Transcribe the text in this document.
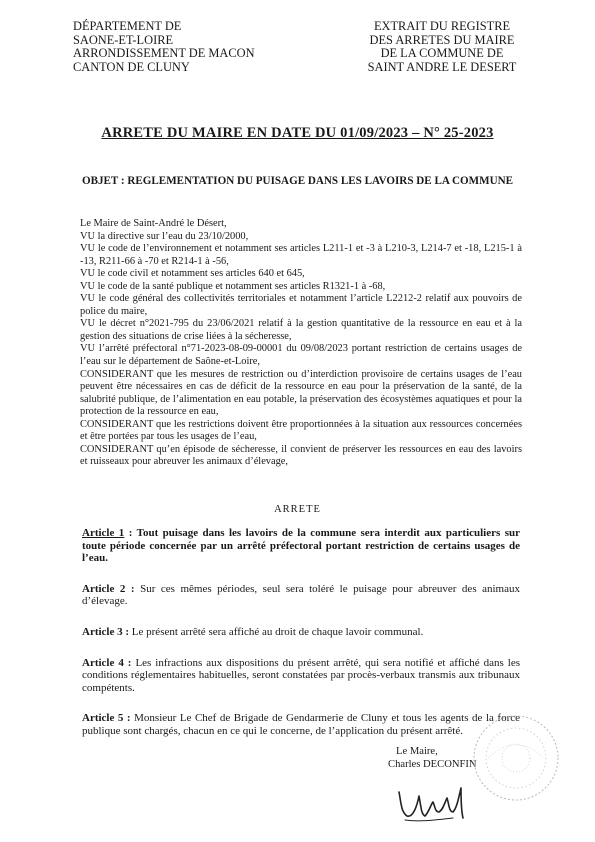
DÉPARTEMENT DE
SAONE-ET-LOIRE
ARRONDISSEMENT DE MACON
CANTON DE CLUNY
EXTRAIT DU REGISTRE
DES ARRETES DU MAIRE
DE LA COMMUNE DE
SAINT ANDRE LE DESERT
ARRETE DU MAIRE EN DATE DU 01/09/2023 – N° 25-2023
OBJET : REGLEMENTATION DU PUISAGE DANS LES LAVOIRS DE LA COMMUNE

Le Maire de Saint-André le Désert,

VU la directive sur l’eau du 23/10/2000,

VU le code de l’environnement et notamment ses articles L211-1 et -3 à L210-3, L214-7 et -18, L215-1 à -13, R211-66 à -70 et R214-1 à -56,

VU le code civil et notamment ses articles 640 et 645,

VU le code de la santé publique et notamment ses articles R1321-1 à -68,

VU le code général des collectivités territoriales et notamment l’article L2212-2 relatif aux pouvoirs de police du maire,

VU le décret n°2021-795 du 23/06/2021 relatif à la gestion quantitative de la ressource en eau et à la gestion des situations de crise liées à la sécheresse,

VU l’arrêté préfectoral n°71-2023-08-09-00001 du 09/08/2023 portant restriction de certains usages de l’eau sur le département de Saône-et-Loire,

CONSIDERANT que les mesures de restriction ou d’interdiction provisoire de certains usages de l’eau peuvent être nécessaires en cas de déficit de la ressource en eau pour la préservation de la santé, de la salubrité publique, de l’alimentation en eau potable, la préservation des écosystèmes aquatiques et pour la protection de la ressource en eau,

CONSIDERANT que les restrictions doivent être proportionnées à la situation aux ressources concernées et être portées par tous les usages de l’eau,

CONSIDERANT qu’en épisode de sécheresse, il convient de préserver les ressources en eau des lavoirs et ruisseaux pour abreuver les animaux d’élevage,

ARRETE

Article 1 : Tout puisage dans les lavoirs de la commune sera interdit aux particuliers sur toute période concernée par un arrêté préfectoral portant restriction de certains usages de l’eau.

Article 2 : Sur ces mêmes périodes, seul sera toléré le puisage pour abreuver des animaux d’élevage.

Article 3 : Le présent arrêté sera affiché au droit de chaque lavoir communal.

Article 4 : Les infractions aux dispositions du présent arrêté, qui sera notifié et affiché dans les conditions réglementaires habituelles, seront constatées par procès-verbaux transmis aux tribunaux compétents.

Article 5 : Monsieur Le Chef de Brigade de Gendarmerie de Cluny et tous les agents de la force publique sont chargés, chacun en ce qui le concerne, de l’application du présent arrêté.

Le Maire,
Charles DECONFIN
